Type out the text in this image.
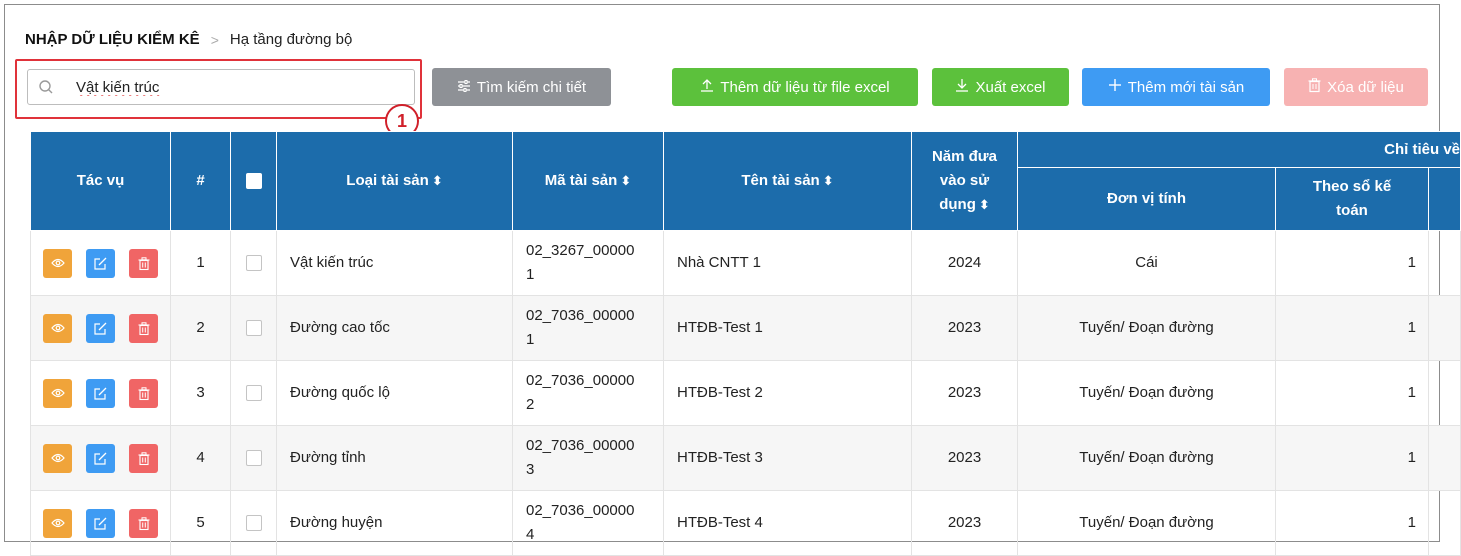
NHẬP DỮ LIỆU KIỂM KÊ > Hạ tầng đường bộ
Vật kiến trúc
1
Tìm kiếm chi tiết	Thêm dữ liệu từ file excel	Xuất excel	Thêm mới tài sản	Xóa dữ liệu
Tác vụ	#		Loại tài sản ⬍	Mã tài sản ⬍	Tên tài sản ⬍	Năm đưa
vào sử
dụng ⬍	Chỉ tiêu về		
							Đơn vị tính	Theo sổ kế
toán	

	1		Vật kiến trúc	02_3267_00000
1	Nhà CNTT 1	2024	Cái	1	

	2		Đường cao tốc	02_7036_00000
1	HTĐB-Test 1	2023	Tuyến/ Đoạn đường	1	

	3		Đường quốc lộ	02_7036_00000
2	HTĐB-Test 2	2023	Tuyến/ Đoạn đường	1	

	4		Đường tỉnh	02_7036_00000
3	HTĐB-Test 3	2023	Tuyến/ Đoạn đường	1	

	5		Đường huyện	02_7036_00000
4	HTĐB-Test 4	2023	Tuyến/ Đoạn đường	1	
